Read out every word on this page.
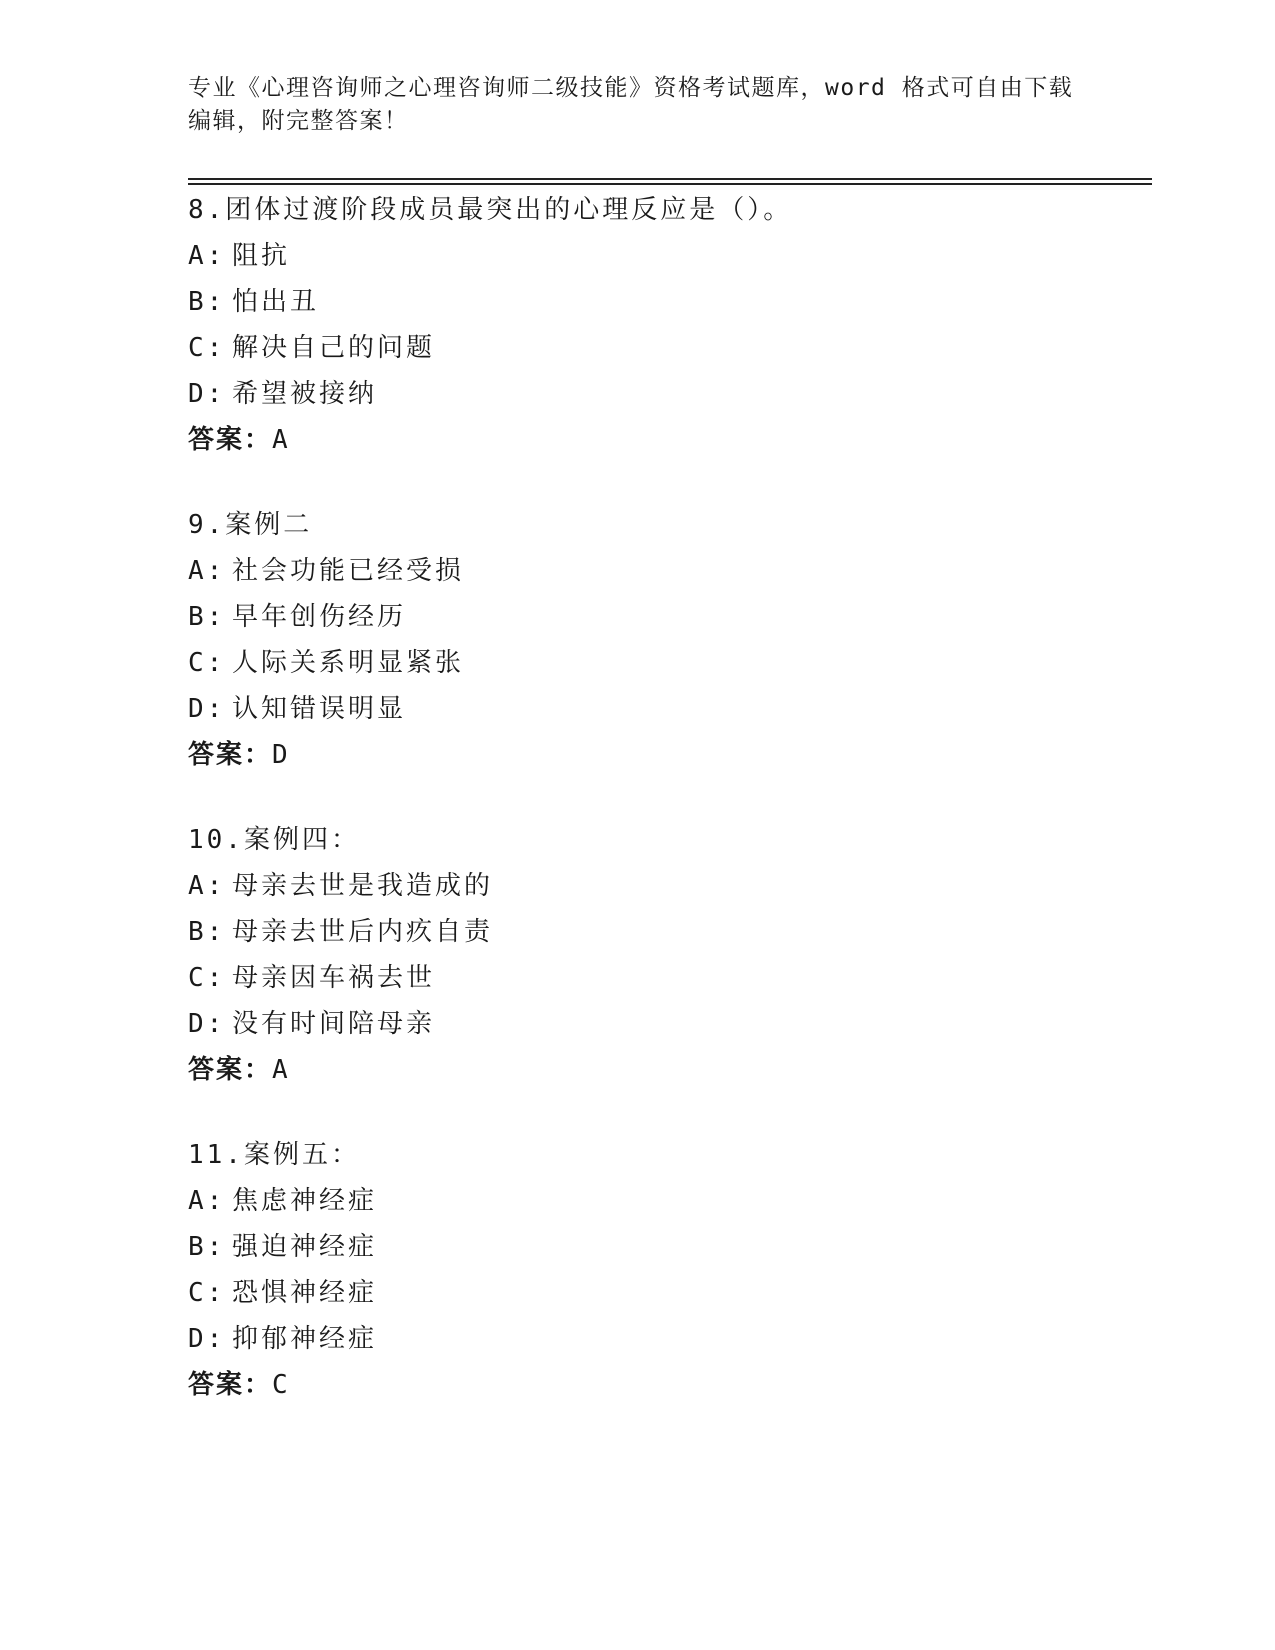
专业《心理咨询师之心理咨询师二级技能》资格考试题库，word 格式可自由下载
编辑，附完整答案！
8.团体过渡阶段成员最突出的心理反应是（）。
A: 阻抗
B: 怕出丑
C: 解决自己的问题
D: 希望被接纳
答案：A
9.案例二
A: 社会功能已经受损
B: 早年创伤经历
C: 人际关系明显紧张
D: 认知错误明显
答案：D
10.案例四：
A: 母亲去世是我造成的
B: 母亲去世后内疚自责
C: 母亲因车祸去世
D: 没有时间陪母亲
答案：A
11.案例五：
A: 焦虑神经症
B: 强迫神经症
C: 恐惧神经症
D: 抑郁神经症
答案：C
